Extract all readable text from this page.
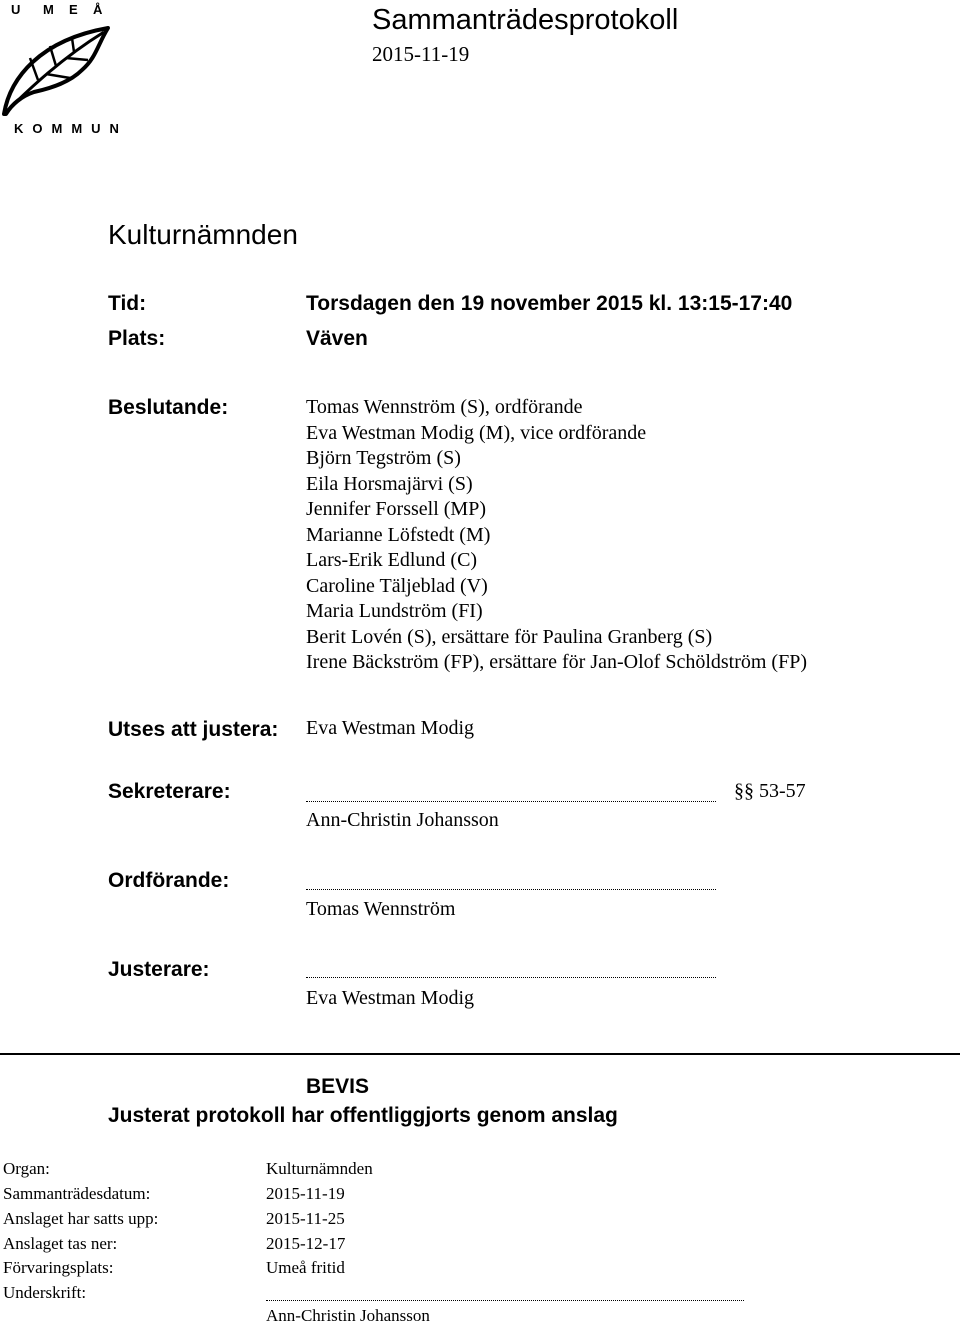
U M E Å
KOMMUN
Sammanträdesprotokoll
2015-11-19
Kulturnämnden
Tid:	Torsdagen den 19 november 2015 kl. 13:15-17:40
Plats:	Väven
Beslutande:	Tomas Wennström (S), ordförande
Eva Westman Modig (M), vice ordförande
Björn Tegström (S)
Eila Horsmajärvi (S)
Jennifer Forssell (MP)
Marianne Löfstedt (M)
Lars-Erik Edlund (C)
Caroline Täljeblad (V)
Maria Lundström (FI)
Berit Lovén (S), ersättare för Paulina Granberg (S)
Irene Bäckström (FP), ersättare för Jan-Olof Schöldström (FP)
Utses att justera: Eva Westman Modig
Sekreterare:	§§ 53-57
Ann-Christin Johansson
Ordförande:
Tomas Wennström
Justerare:
Eva Westman Modig
BEVIS
Justerat protokoll har offentliggjorts genom anslag
Organ:	Kulturnämnden
Sammanträdesdatum:	2015-11-19
Anslaget har satts upp:	2015-11-25
Anslaget tas ner:	2015-12-17
Förvaringsplats:	Umeå fritid
Underskrift:
Ann-Christin Johansson
